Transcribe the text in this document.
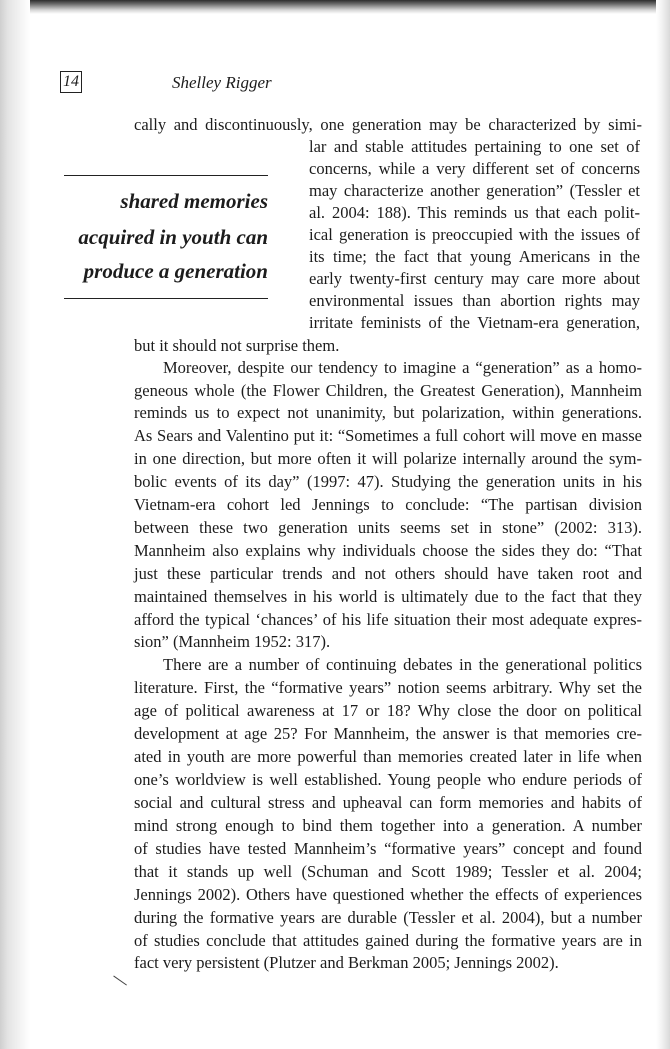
14	Shelley Rigger
shared memories
acquired in youth can
produce a generation
cally and discontinuously, one generation may be characterized by simi-
lar and stable attitudes pertaining to one set of
concerns, while a very different set of concerns
may characterize another generation” (Tessler et
al. 2004: 188). This reminds us that each polit-
ical generation is preoccupied with the issues of
its time; the fact that young Americans in the
early twenty-first century may care more about
environmental issues than abortion rights may
irritate feminists of the Vietnam-era generation,
but it should not surprise them.
Moreover, despite our tendency to imagine a “generation” as a homo-
geneous whole (the Flower Children, the Greatest Generation), Mannheim
reminds us to expect not unanimity, but polarization, within generations.
As Sears and Valentino put it: “Sometimes a full cohort will move en masse
in one direction, but more often it will polarize internally around the sym-
bolic events of its day” (1997: 47). Studying the generation units in his
Vietnam-era cohort led Jennings to conclude: “The partisan division
between these two generation units seems set in stone” (2002: 313).
Mannheim also explains why individuals choose the sides they do: “That
just these particular trends and not others should have taken root and
maintained themselves in his world is ultimately due to the fact that they
afford the typical ‘chances’ of his life situation their most adequate expres-
sion” (Mannheim 1952: 317).
There are a number of continuing debates in the generational politics
literature. First, the “formative years” notion seems arbitrary. Why set the
age of political awareness at 17 or 18? Why close the door on political
development at age 25? For Mannheim, the answer is that memories cre-
ated in youth are more powerful than memories created later in life when
one’s worldview is well established. Young people who endure periods of
social and cultural stress and upheaval can form memories and habits of
mind strong enough to bind them together into a generation. A number
of studies have tested Mannheim’s “formative years” concept and found
that it stands up well (Schuman and Scott 1989; Tessler et al. 2004;
Jennings 2002). Others have questioned whether the effects of experiences
during the formative years are durable (Tessler et al. 2004), but a number
of studies conclude that attitudes gained during the formative years are in
fact very persistent (Plutzer and Berkman 2005; Jennings 2002).
